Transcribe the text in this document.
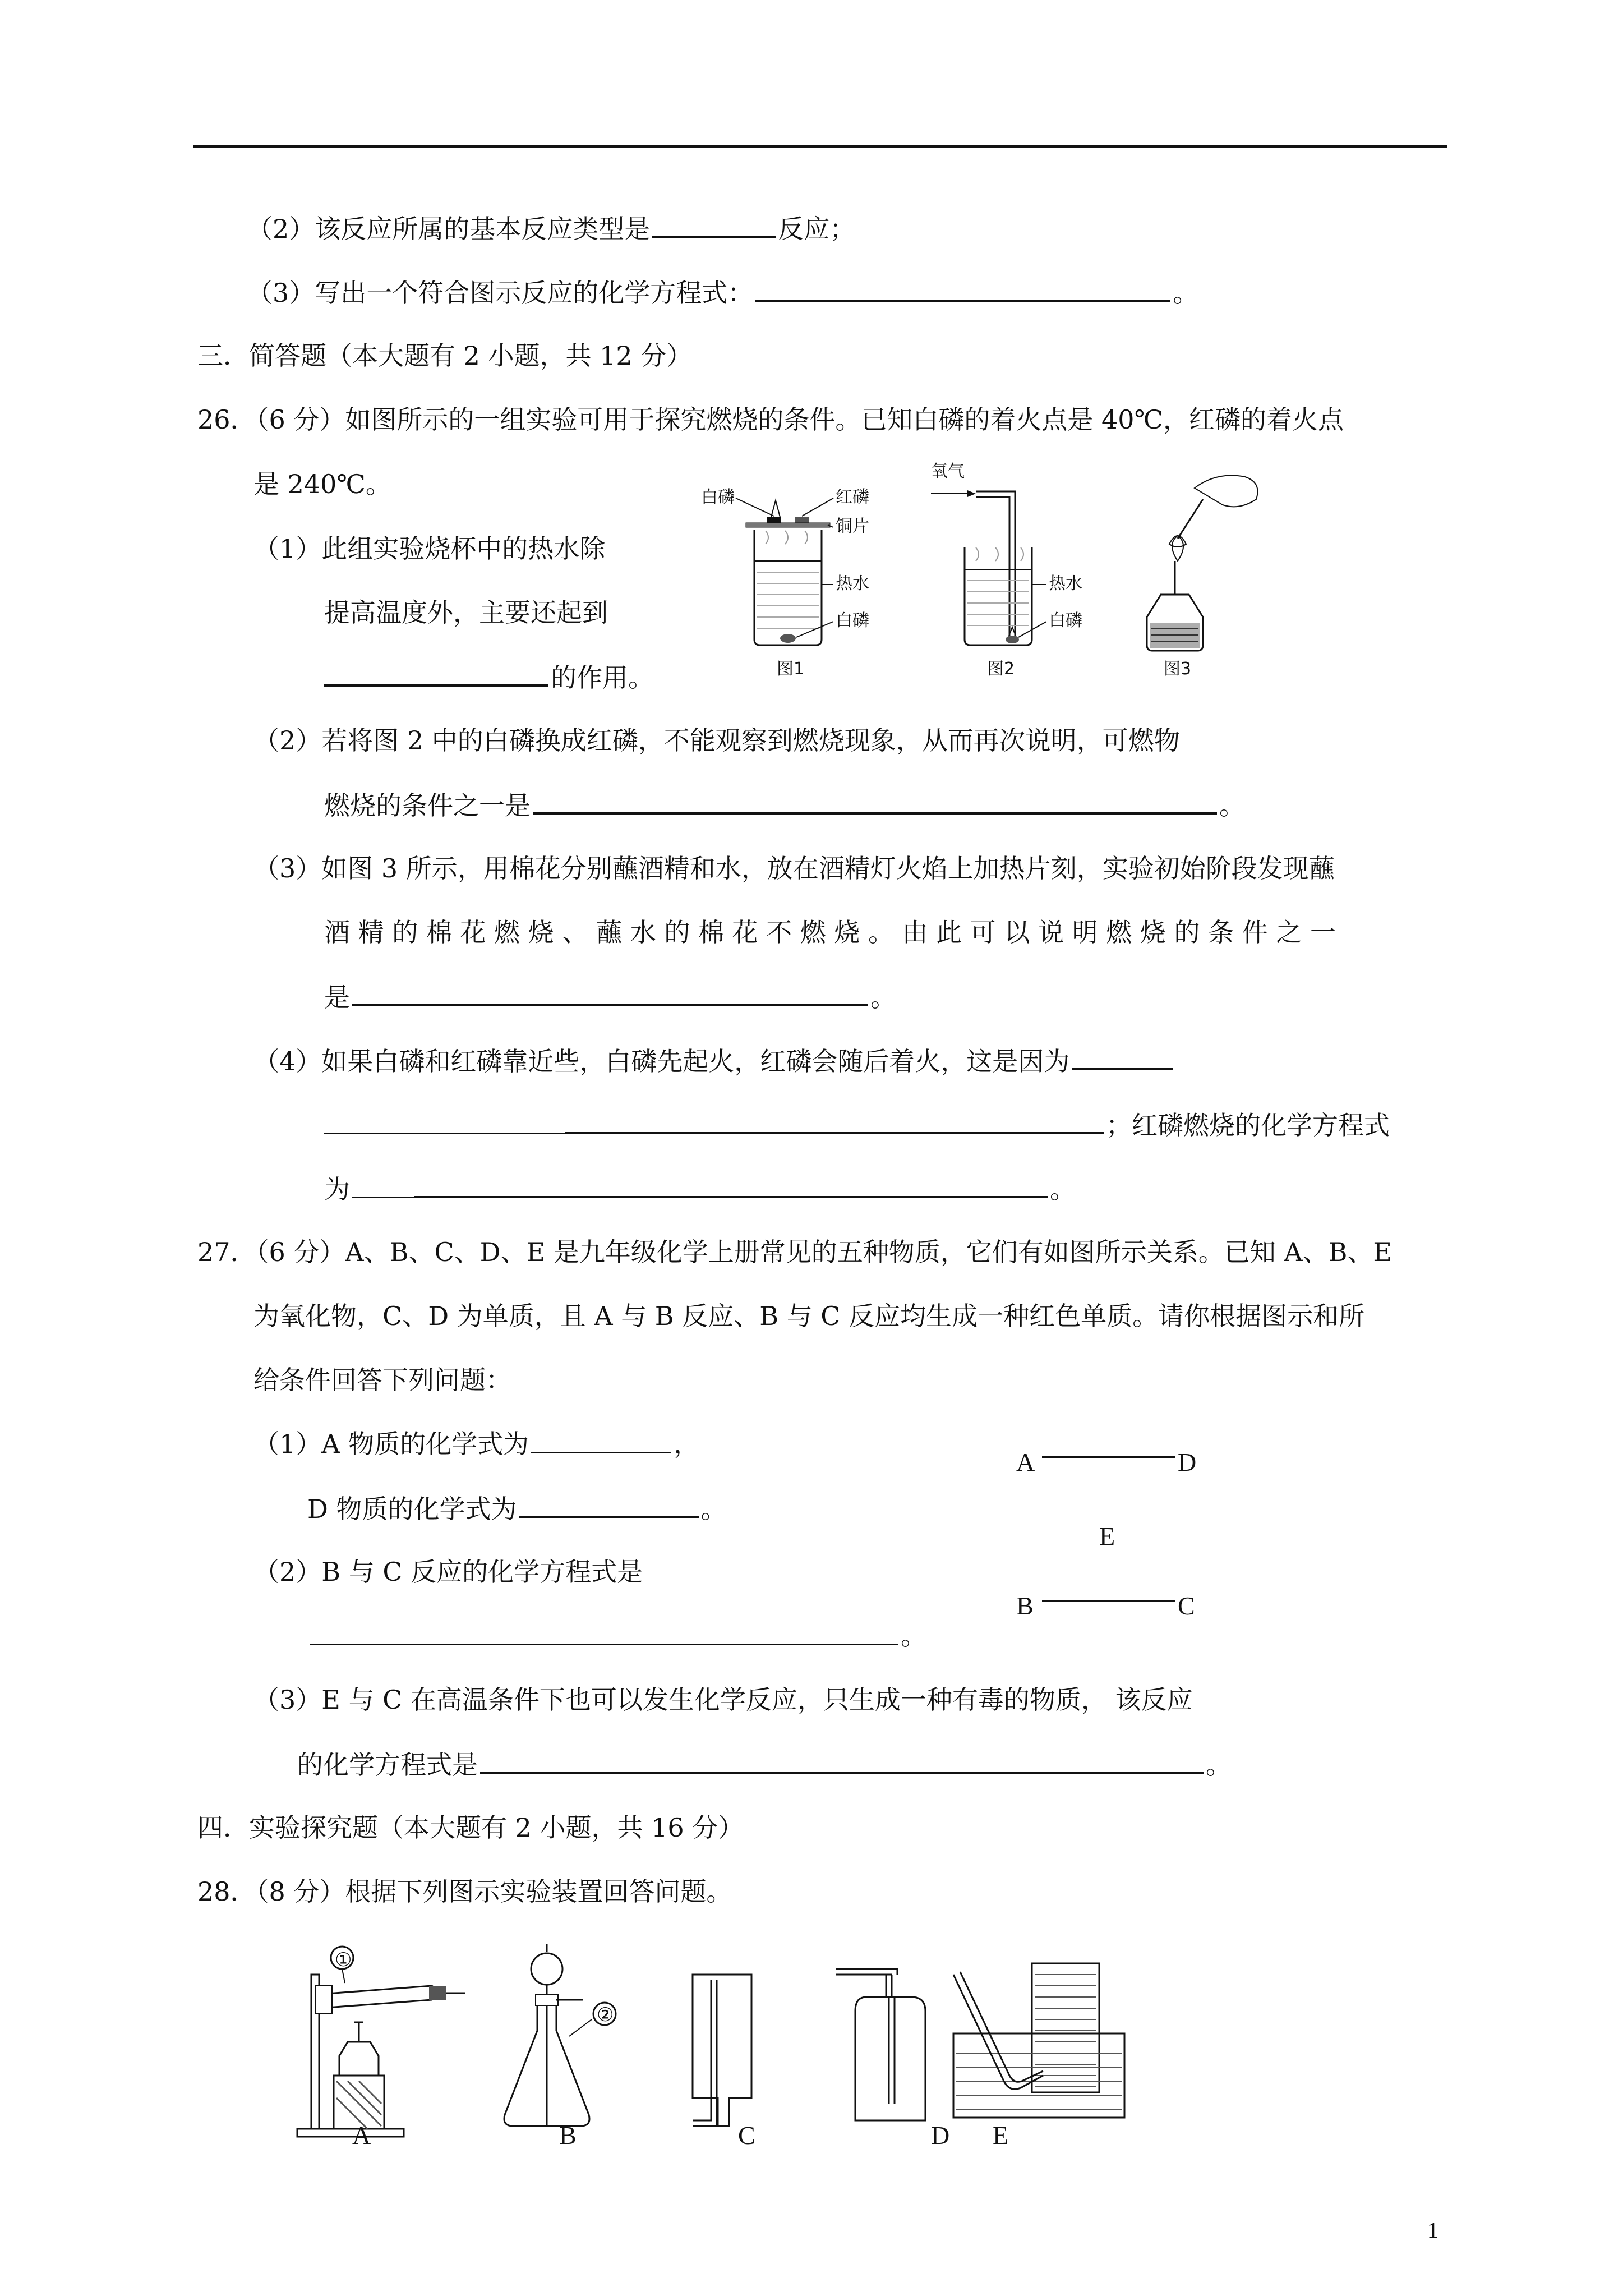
（2）该反应所属的基本反应类型是	反应；
（3）写出一个符合图示反应的化学方程式：	。
三．简答题（本大题有 2 小题，共 12 分）
26．（6 分）如图所示的一组实验可用于探究燃烧的条件。已知白磷的着火点是 40℃，红磷的着火点
是 240℃。
（1）此组实验烧杯中的热水除
提高温度外，主要还起到
的作用。
白磷	红磷
铜片
热水
白磷
图1
氧气
热水
白磷
图2	图3
（2）若将图 2 中的白磷换成红磷，不能观察到燃烧现象，从而再次说明，可燃物
燃烧的条件之一是	。
（3）如图 3 所示，用棉花分别蘸酒精和水，放在酒精灯火焰上加热片刻，实验初始阶段发现蘸
酒 精 的 棉 花 燃 烧 、 蘸 水 的 棉 花 不 燃 烧 。 由 此 可 以 说 明 燃 烧 的 条 件 之 一
是	。
（4）如果白磷和红磷靠近些，白磷先起火，红磷会随后着火，这是因为
；红磷燃烧的化学方程式
为	。
27．（6 分）A、B、C、D、E 是九年级化学上册常见的五种物质，它们有如图所示关系。已知 A、B、E
为氧化物，C、D 为单质，且 A 与 B 反应、B 与 C 反应均生成一种红色单质。请你根据图示和所
给条件回答下列问题：
（1）A 物质的化学式为	，
D 物质的化学式为	。
（2）B 与 C 反应的化学方程式是
。
（3）E 与 C 在高温条件下也可以发生化学反应，只生成一种有毒的物质， 该反应
的化学方程式是	。
A	D
E
B	C
四．实验探究题（本大题有 2 小题，共 16 分）
28．（8 分）根据下列图示实验装置回答问题。
①
A
②
B	C	D E
1
